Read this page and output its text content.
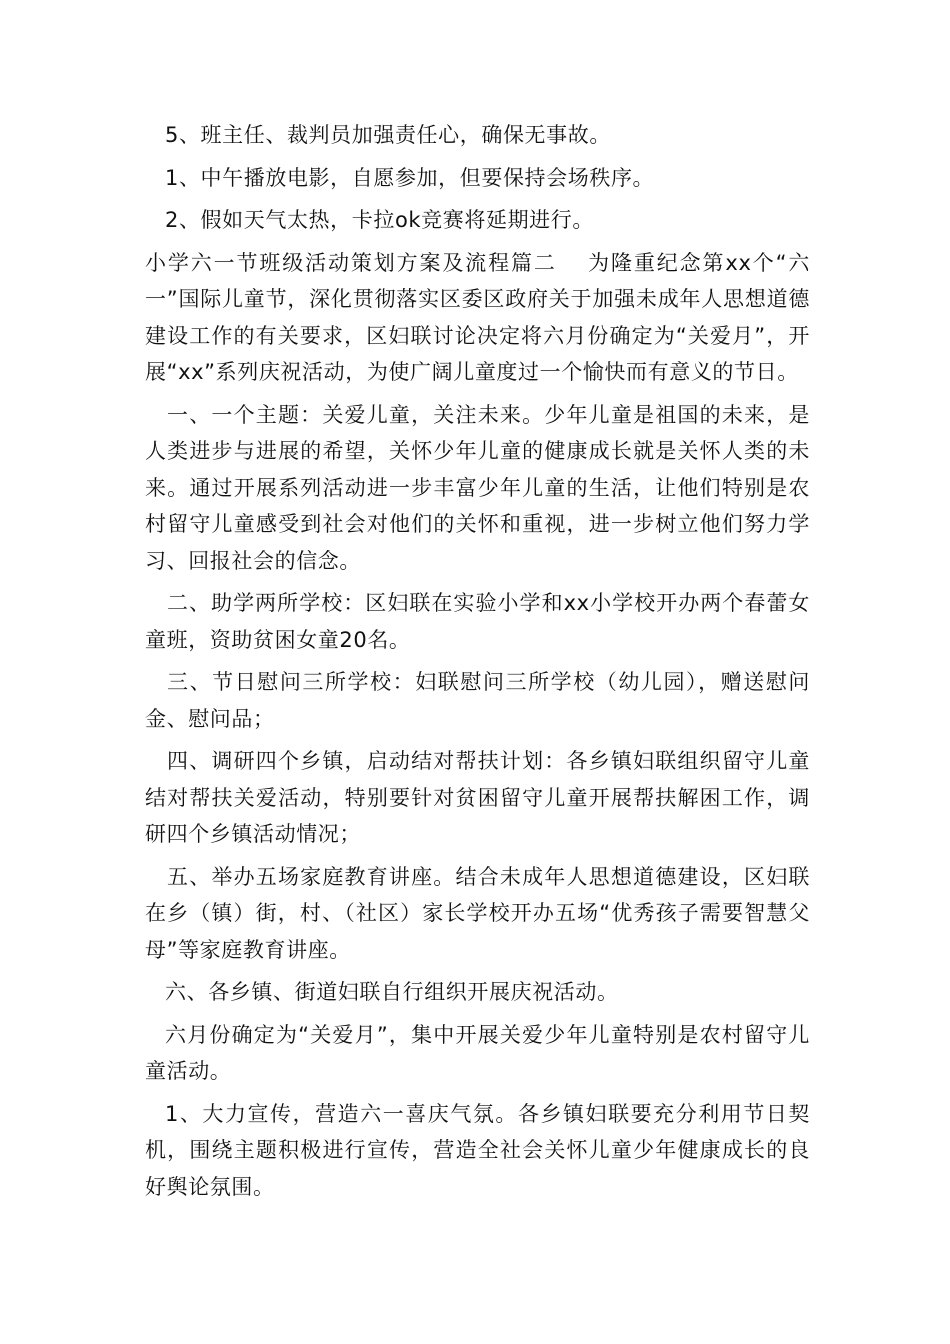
5、班主任、裁判员加强责任心，确保无事故。

1、中午播放电影，自愿参加，但要保持会场秩序。

2、假如天气太热，卡拉ok竞赛将延期进行。

小学六一节班级活动策划方案及流程篇二　 为隆重纪念第xx个“六一”国际儿童节，深化贯彻落实区委区政府关于加强未成年人思想道德建设工作的有关要求，区妇联讨论决定将六月份确定为“关爱月”，开展“xx”系列庆祝活动，为使广阔儿童度过一个愉快而有意义的节日。

一、一个主题：关爱儿童，关注未来。少年儿童是祖国的未来，是人类进步与进展的希望，关怀少年儿童的健康成长就是关怀人类的未来。通过开展系列活动进一步丰富少年儿童的生活，让他们特别是农村留守儿童感受到社会对他们的关怀和重视，进一步树立他们努力学习、回报社会的信念。

二、助学两所学校：区妇联在实验小学和xx小学校开办两个春蕾女童班，资助贫困女童20名。

三、节日慰问三所学校：妇联慰问三所学校（幼儿园），赠送慰问金、慰问品；

四、调研四个乡镇，启动结对帮扶计划：各乡镇妇联组织留守儿童结对帮扶关爱活动，特别要针对贫困留守儿童开展帮扶解困工作，调研四个乡镇活动情况；

五、举办五场家庭教育讲座。结合未成年人思想道德建设，区妇联在乡（镇）街，村、（社区）家长学校开办五场“优秀孩子需要智慧父母”等家庭教育讲座。

六、各乡镇、街道妇联自行组织开展庆祝活动。

六月份确定为“关爱月”，集中开展关爱少年儿童特别是农村留守儿童活动。

1、大力宣传，营造六一喜庆气氛。各乡镇妇联要充分利用节日契机，围绕主题积极进行宣传，营造全社会关怀儿童少年健康成长的良好舆论氛围。
